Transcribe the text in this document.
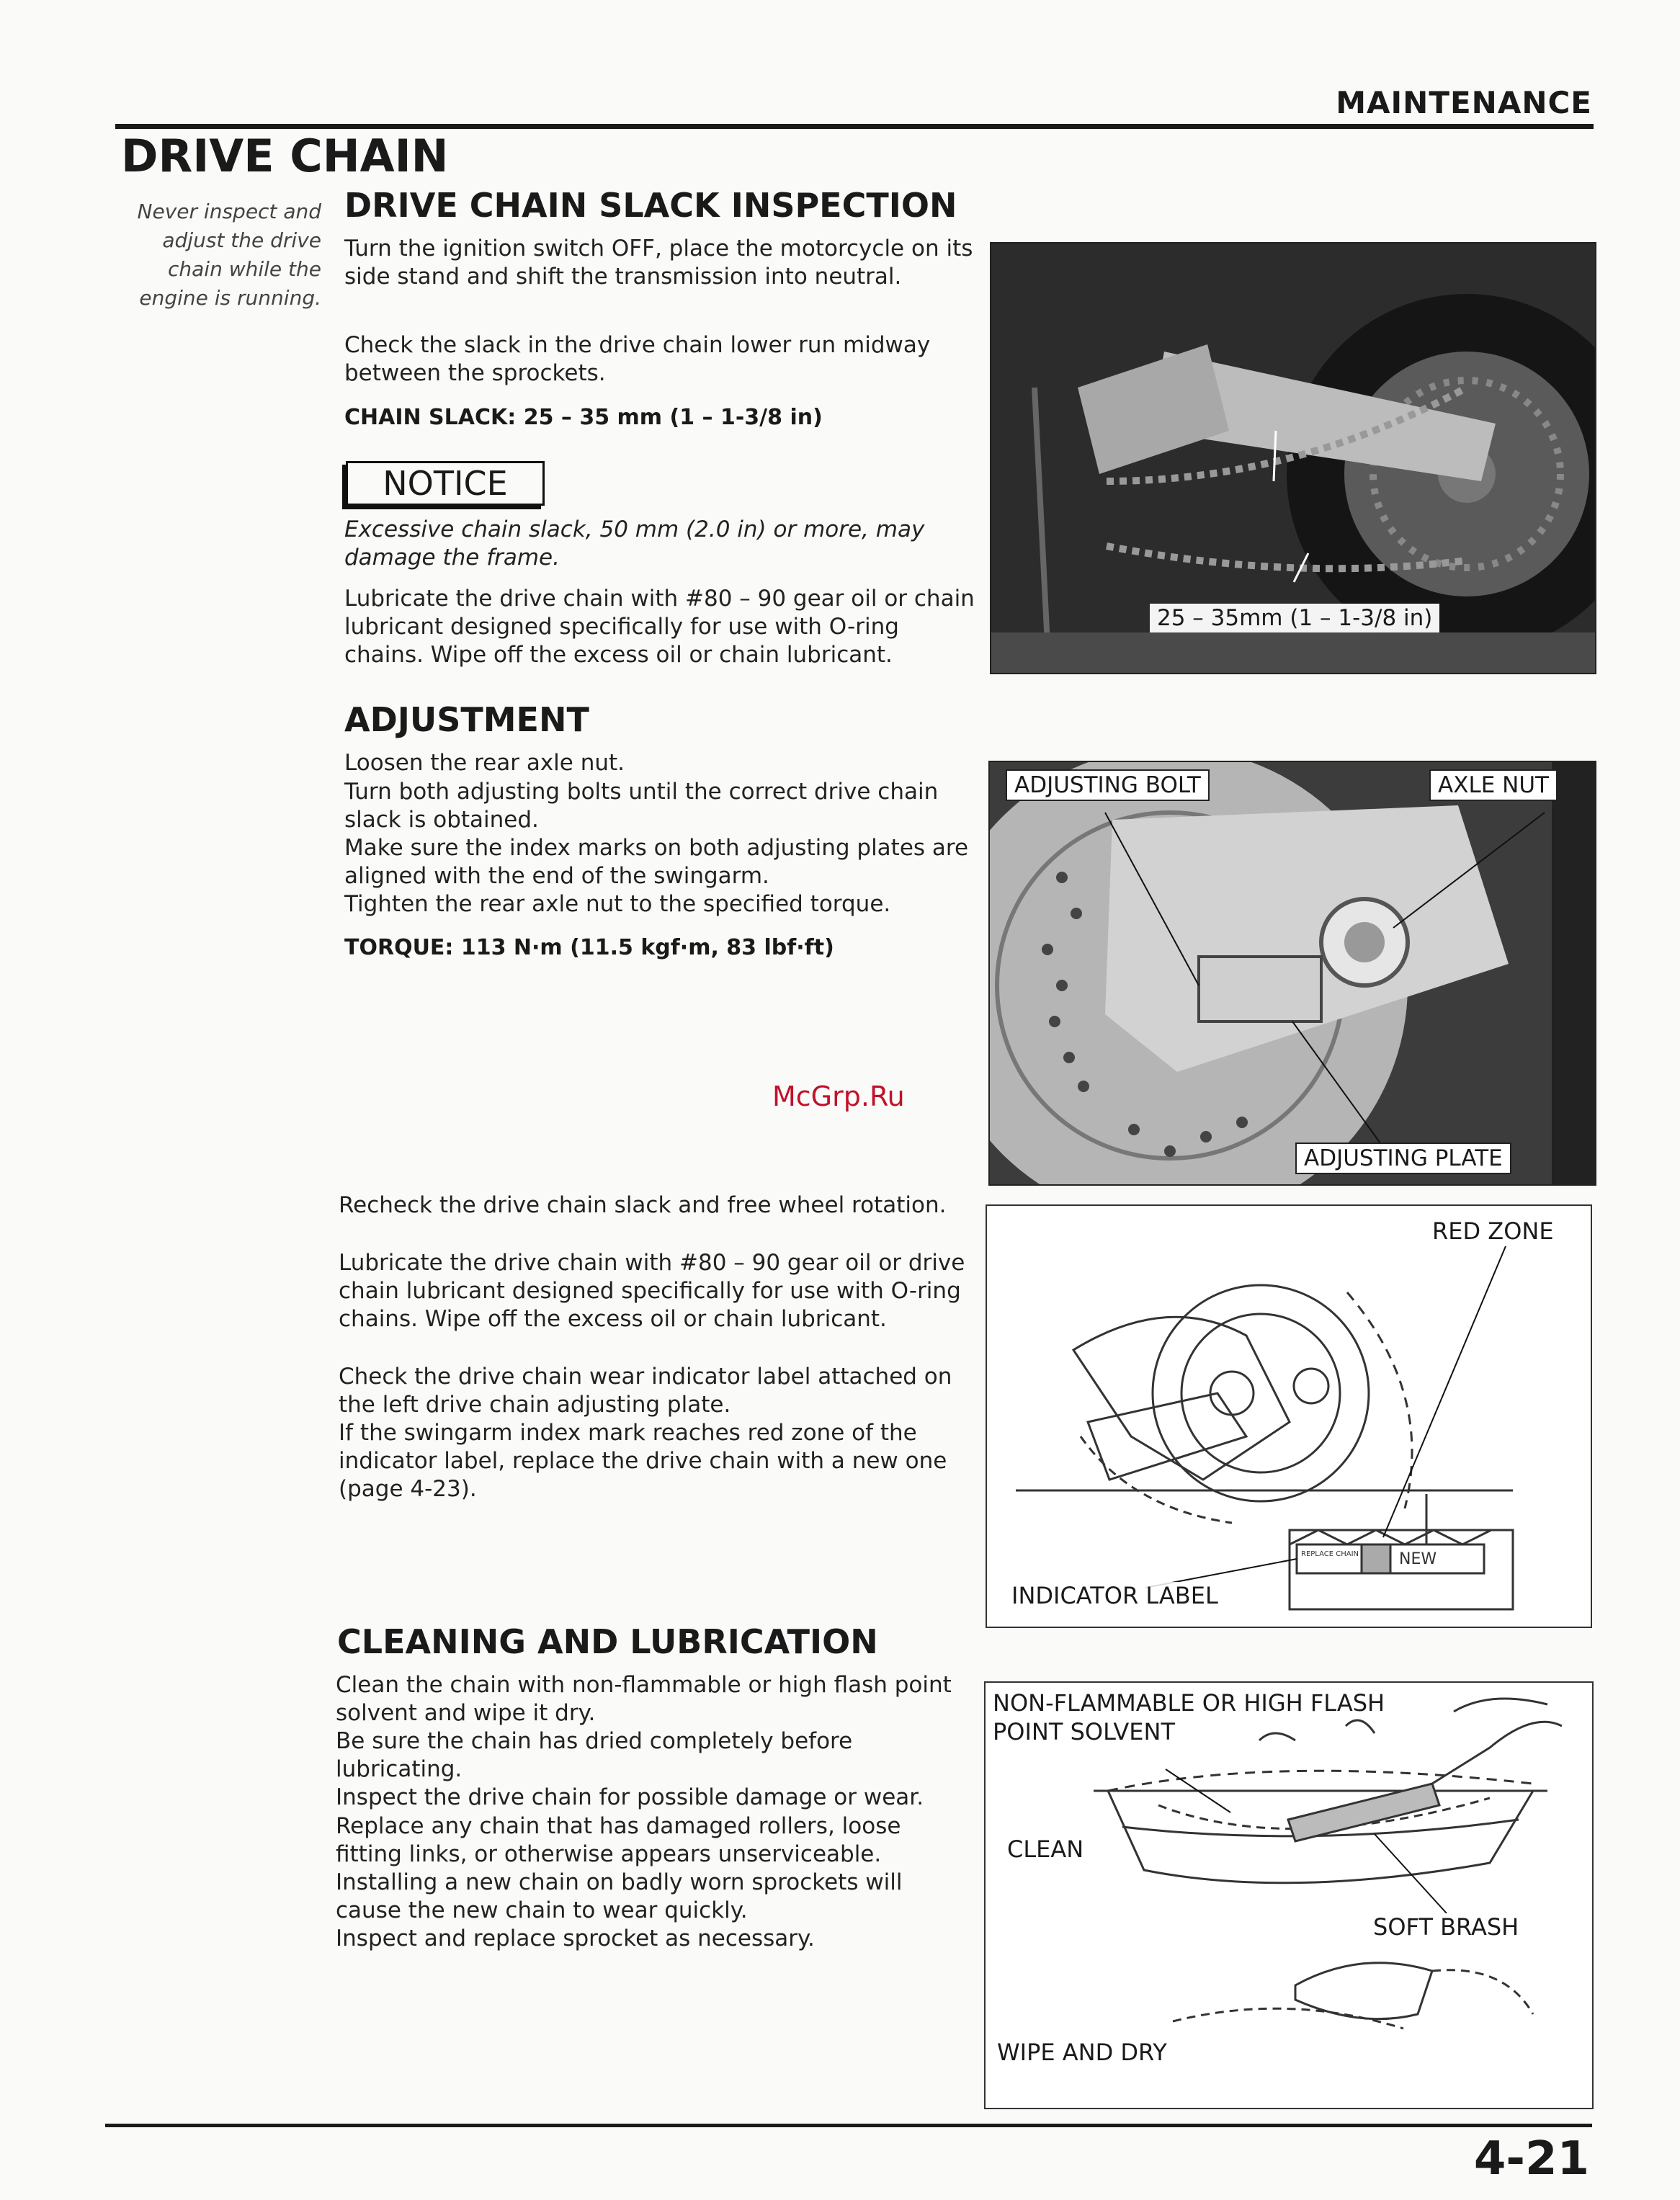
MAINTENANCE
DRIVE CHAIN
Never inspect and adjust the drive chain while the engine is running.
DRIVE CHAIN SLACK INSPECTION
Turn the ignition switch OFF, place the motorcycle on its side stand and shift the transmission into neutral.
Check the slack in the drive chain lower run midway between the sprockets.
CHAIN SLACK: 25 – 35 mm (1 – 1-3/8 in)
NOTICE
Excessive chain slack, 50 mm (2.0 in) or more, may damage the frame.
Lubricate the drive chain with #80 – 90 gear oil or chain lubricant designed specifically for use with O-ring chains. Wipe off the excess oil or chain lubricant.
25 – 35mm (1 – 1-3/8 in)
ADJUSTMENT
Loosen the rear axle nut.
Turn both adjusting bolts until the correct drive chain slack is obtained.
Make sure the index marks on both adjusting plates are aligned with the end of the swingarm.
Tighten the rear axle nut to the specified torque.
TORQUE: 113 N·m (11.5 kgf·m, 83 lbf·ft)
ADJUSTING BOLT	AXLE NUT
ADJUSTING PLATE
McGrp.Ru
Recheck the drive chain slack and free wheel rotation.
Lubricate the drive chain with #80 – 90 gear oil or drive chain lubricant designed specifically for use with O-ring chains. Wipe off the excess oil or chain lubricant.
Check the drive chain wear indicator label attached on the left drive chain adjusting plate.
If the swingarm index mark reaches red zone of the indicator label, replace the drive chain with a new one (page 4-23).
RED ZONE
INDICATOR LABEL
REPLACE CHAIN	NEW
CLEANING AND LUBRICATION
Clean the chain with non-flammable or high flash point solvent and wipe it dry.
Be sure the chain has dried completely before lubricating.
Inspect the drive chain for possible damage or wear.
Replace any chain that has damaged rollers, loose fitting links, or otherwise appears unserviceable.
Installing a new chain on badly worn sprockets will cause the new chain to wear quickly.
Inspect and replace sprocket as necessary.
NON-FLAMMABLE OR HIGH FLASH POINT SOLVENT
CLEAN
SOFT BRASH
WIPE AND DRY
4-21
